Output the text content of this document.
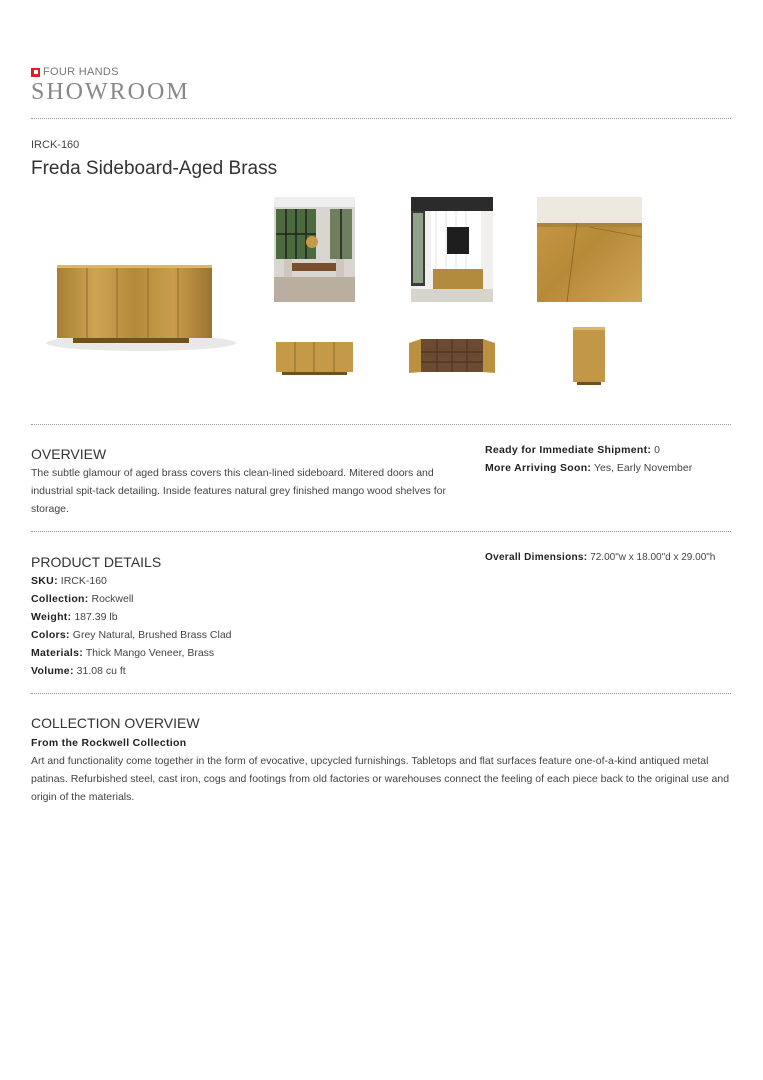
FOUR HANDS
SHOWROOM
IRCK-160
Freda Sideboard-Aged Brass
OVERVIEW
The subtle glamour of aged brass covers this clean-lined sideboard. Mitered doors and industrial spit-tack detailing. Inside features natural grey finished mango wood shelves for storage.
Ready for Immediate Shipment: 0
More Arriving Soon: Yes, Early November
PRODUCT DETAILS
SKU: IRCK-160
Collection: Rockwell
Weight: 187.39 lb
Colors: Grey Natural, Brushed Brass Clad
Materials: Thick Mango Veneer, Brass
Volume: 31.08 cu ft
Overall Dimensions: 72.00"w x 18.00"d x 29.00"h
COLLECTION OVERVIEW
From the Rockwell Collection
Art and functionality come together in the form of evocative, upcycled furnishings. Tabletops and flat surfaces feature one-of-a-kind antiqued metal patinas. Refurbished steel, cast iron, cogs and footings from old factories or warehouses connect the feeling of each piece back to the original use and origin of the materials.
